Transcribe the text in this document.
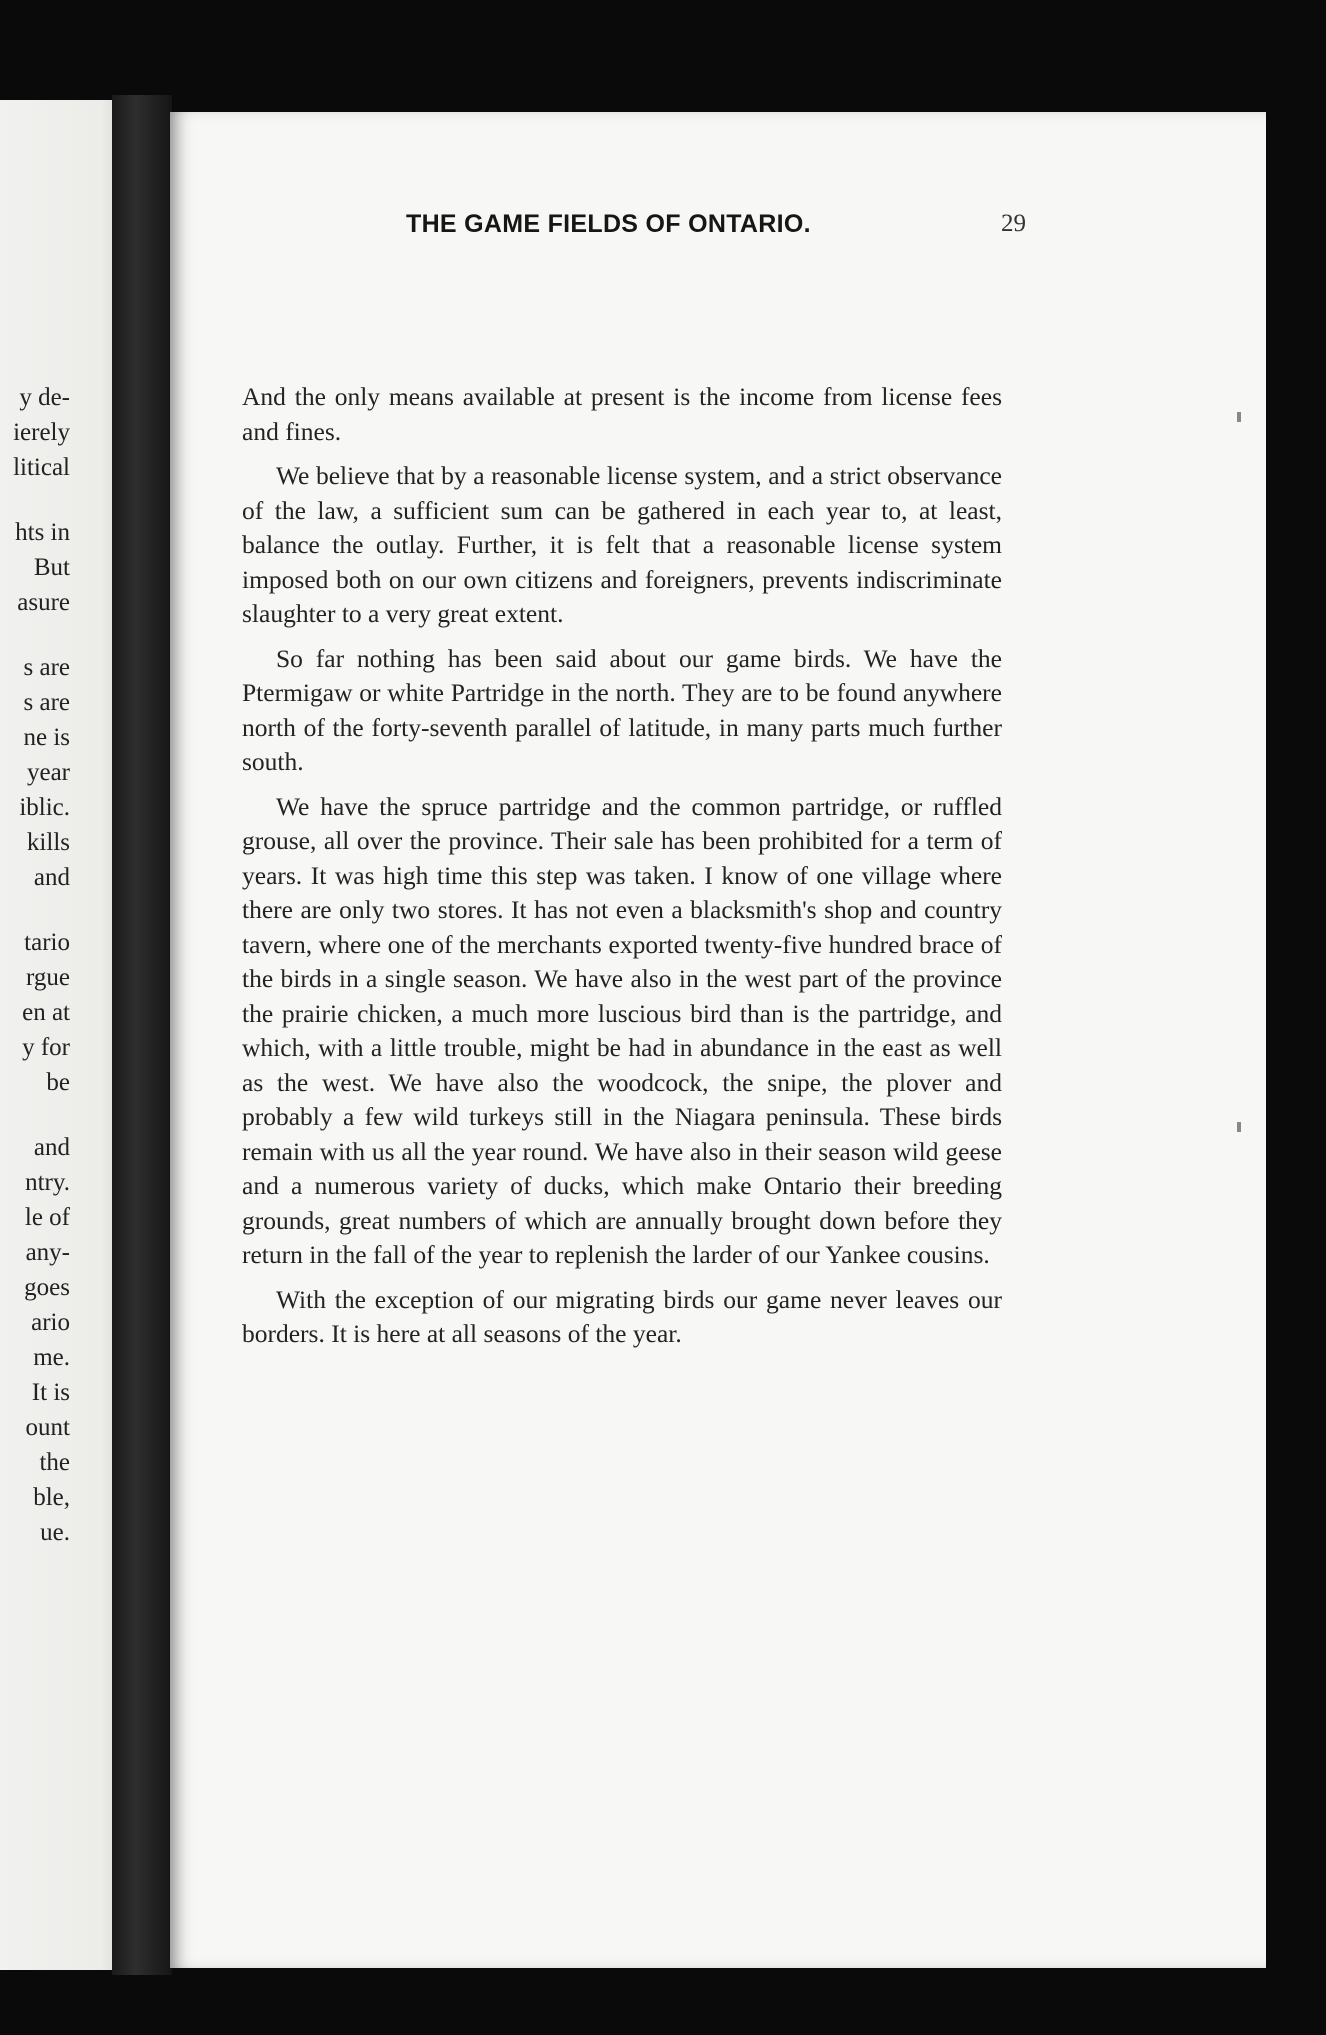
y de-
ierely
litical
hts in
But
asure
s are
s are
ne is
year
iblic.
kills
and
tario
rgue
en at
y for
be
and
ntry.
le of
any-
goes
ario
me.
It is
ount
the
ble,
ue.
THE GAME FIELDS OF ONTARIO.	29

And the only means available at present is the income from license fees and fines.

We believe that by a reasonable license system, and a strict observance of the law, a sufficient sum can be gathered in each year to, at least, balance the outlay. Further, it is felt that a reasonable license system imposed both on our own citizens and foreigners, prevents indiscriminate slaughter to a very great extent.

So far nothing has been said about our game birds. We have the Ptermigaw or white Partridge in the north. They are to be found anywhere north of the forty-seventh parallel of latitude, in many parts much further south.

We have the spruce partridge and the common partridge, or ruffled grouse, all over the province. Their sale has been prohibited for a term of years. It was high time this step was taken. I know of one village where there are only two stores. It has not even a blacksmith's shop and country tavern, where one of the merchants exported twenty-five hundred brace of the birds in a single season. We have also in the west part of the province the prairie chicken, a much more luscious bird than is the partridge, and which, with a little trouble, might be had in abundance in the east as well as the west. We have also the woodcock, the snipe, the plover and probably a few wild turkeys still in the Niagara peninsula. These birds remain with us all the year round. We have also in their season wild geese and a numerous variety of ducks, which make Ontario their breeding grounds, great numbers of which are annually brought down before they return in the fall of the year to replenish the larder of our Yankee cousins.

With the exception of our migrating birds our game never leaves our borders. It is here at all seasons of the year.
